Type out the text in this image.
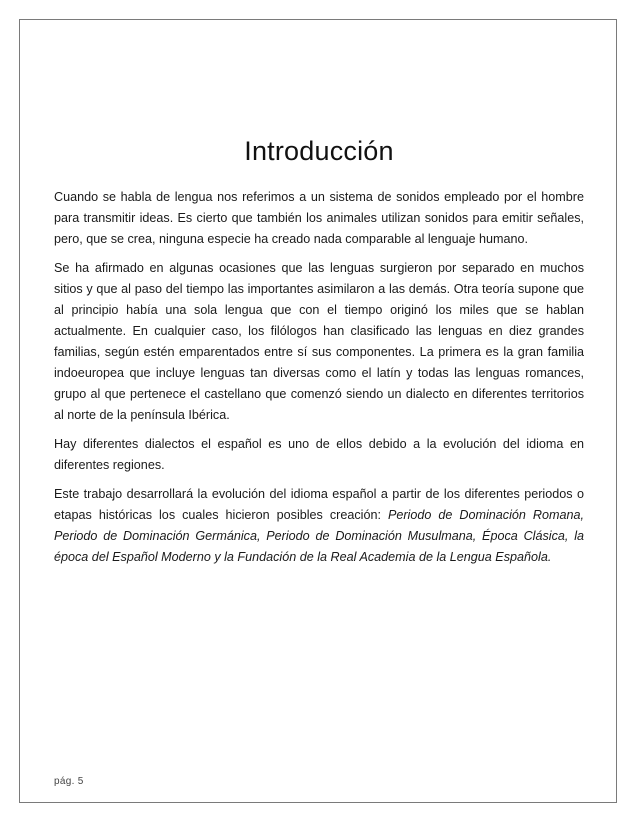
Introducción

Cuando se habla de lengua nos referimos a un sistema de sonidos empleado por el hombre para transmitir ideas. Es cierto que también los animales utilizan sonidos para emitir señales, pero, que se crea, ninguna especie ha creado nada comparable al lenguaje humano.

Se ha afirmado en algunas ocasiones que las lenguas surgieron por separado en muchos sitios y que al paso del tiempo las importantes asimilaron a las demás. Otra teoría supone que al principio había una sola lengua que con el tiempo originó los miles que se hablan actualmente. En cualquier caso, los filólogos han clasificado las lenguas en diez grandes familias, según estén emparentados entre sí sus componentes. La primera es la gran familia indoeuropea que incluye lenguas tan diversas como el latín y todas las lenguas romances, grupo al que pertenece el castellano que comenzó siendo un dialecto en diferentes territorios al norte de la península Ibérica.

Hay diferentes dialectos el español es uno de ellos debido a la evolución del idioma en diferentes regiones.

Este trabajo desarrollará la evolución del idioma español a partir de los diferentes periodos o etapas históricas los cuales hicieron posibles creación: Periodo de Dominación Romana, Periodo de Dominación Germánica, Periodo de Dominación Musulmana, Época Clásica, la época del Español Moderno y la Fundación de la Real Academia de la Lengua Española.

pág. 5
